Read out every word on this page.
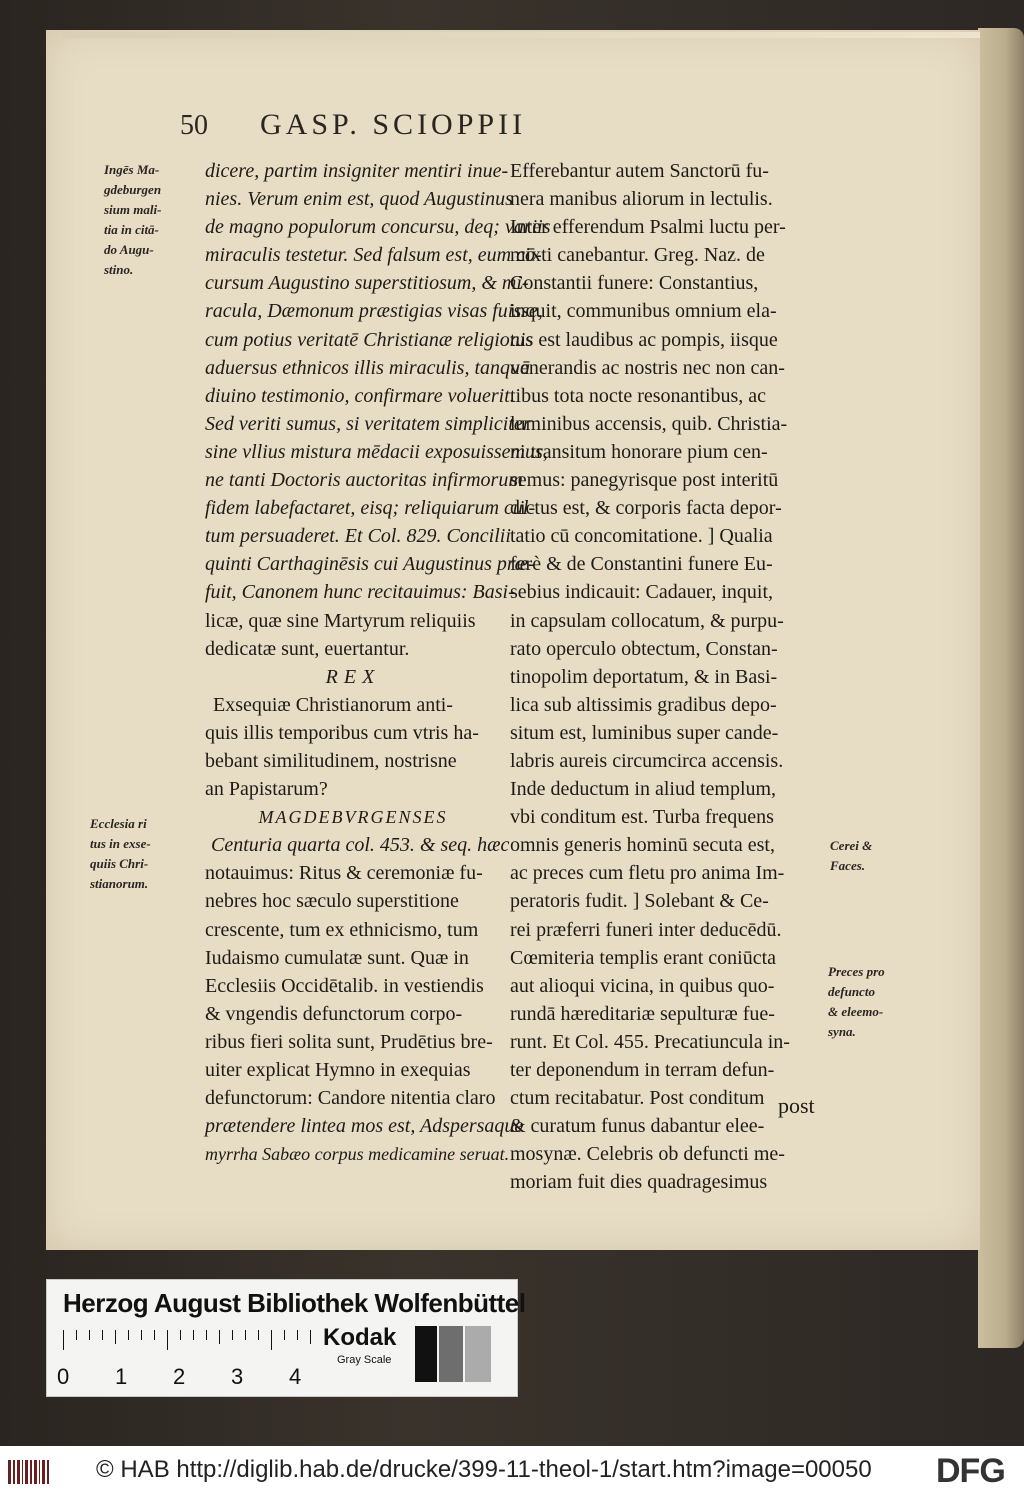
50 GASP. SCIOPPII
Ingēs Ma-
gdeburgen
sium mali-
tia in citā-
do Augu-
stino.
Ecclesia ri
tus in exse-
quiis Chri-
stianorum.
Cerei &
Faces.
Preces pro
defuncto
& eleemo-
syna.
dicere, partim insigniter mentiri inue-
nies. Verum enim est, quod Augustinus
de magno populorum concursu, deq; variis
miraculis testetur. Sed falsum est, eum cō-
cursum Augustino superstitiosum, & mi-
racula, Dæmonum præstigias visas fuisse,
cum potius veritatē Christianæ religionis
aduersus ethnicos illis miraculis, tanquā
diuino testimonio, confirmare voluerit.
Sed veriti sumus, si veritatem simpliciter
sine vllius mistura mēdacii exposuissemus,
ne tanti Doctoris auctoritas infirmorum
fidem labefactaret, eisq; reliquiarum cul-
tum persuaderet. Et Col. 829. Concilii
quinti Carthaginēsis cui Augustinus præ-
fuit, Canonem hunc recitauimus: Basi-
licæ, quæ sine Martyrum reliquiis
dedicatæ sunt, euertantur.
REX
Exsequiæ Christianorum anti-
quis illis temporibus cum vtris ha-
bebant similitudinem, nostrisne
an Papistarum?
MAGDEBVRGENSES
Centuria quarta col. 453. & seq. hæc
notauimus: Ritus & ceremoniæ fu-
nebres hoc sæculo superstitione
crescente, tum ex ethnicismo, tum
Iudaismo cumulatæ sunt. Quæ in
Ecclesiis Occidētalib. in vestiendis
& vngendis defunctorum corpo-
ribus fieri solita sunt, Prudētius bre-
uiter explicat Hymno in exequias
defunctorum: Candore nitentia claro
prætendere lintea mos est, Adspersaque
myrrha Sabæo corpus medicamine seruat.
Efferebantur autem Sanctorū fu-
nera manibus aliorum in lectulis.
Inter efferendum Psalmi luctu per-
mixti canebantur. Greg. Naz. de
Constantii funere: Constantius,
inquit, communibus omnium ela-
tus est laudibus ac pompis, iisque
venerandis ac nostris nec non can-
tibus tota nocte resonantibus, ac
luminibus accensis, quib. Christia-
ni transitum honorare pium cen-
semus: panegyrisque post interitū
dictus est, & corporis facta depor-
tatio cū concomitatione. ] Qualia
ferè & de Constantini funere Eu-
sebius indicauit: Cadauer, inquit,
in capsulam collocatum, & purpu-
rato operculo obtectum, Constan-
tinopolim deportatum, & in Basi-
lica sub altissimis gradibus depo-
situm est, luminibus super cande-
labris aureis circumcirca accensis.
Inde deductum in aliud templum,
vbi conditum est. Turba frequens
omnis generis hominū secuta est,
ac preces cum fletu pro anima Im-
peratoris fudit. ] Solebant & Ce-
rei præferri funeri inter deducēdū.
Cœmiteria templis erant coniūcta
aut alioqui vicina, in quibus quo-
rundā hæreditariæ sepulturæ fue-
runt. Et Col. 455. Precatiuncula in-
ter deponendum in terram defun-
ctum recitabatur. Post conditum
& curatum funus dabantur elee-
mosynæ. Celebris ob defuncti me-
moriam fuit dies quadragesimus
post
Herzog August Bibliothek Wolfenbüttel
0 1 2 3 4
Kodak
Gray Scale
© HAB http://diglib.hab.de/drucke/399-11-theol-1/start.htm?image=00050 DFG
